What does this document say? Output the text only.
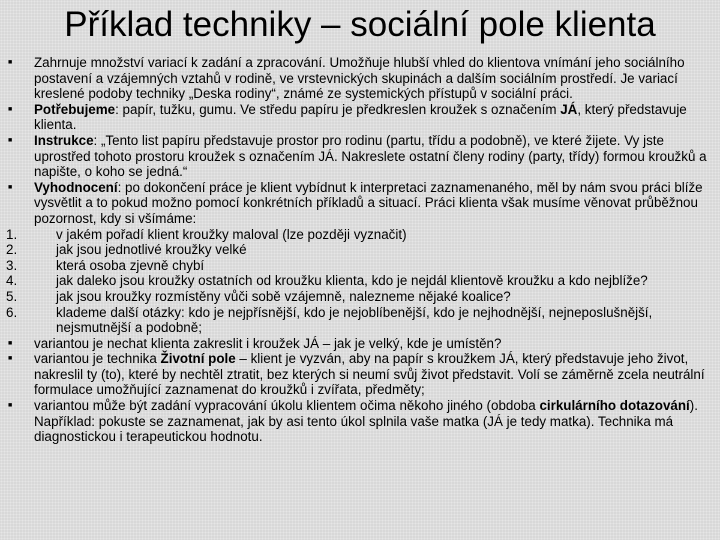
Příklad techniky – sociální pole klienta
■	Zahrnuje množství variací k zadání a zpracování. Umožňuje hlubší vhled do klientova vnímání jeho sociálního postavení a vzájemných vztahů v rodině, ve vrstevnických skupinách a dalším sociálním prostředí. Je variací kreslené podoby techniky „Deska rodiny“, známé ze systemických přístupů v sociální práci.
■	Potřebujeme: papír, tužku, gumu. Ve středu papíru je předkreslen kroužek s označením JÁ, který představuje klienta.
■	Instrukce: „Tento list papíru představuje prostor pro rodinu (partu, třídu a podobně), ve které žijete. Vy jste uprostřed tohoto prostoru kroužek s označením JÁ. Nakreslete ostatní členy rodiny (party, třídy) formou kroužků a napište, o koho se jedná.“
■	Vyhodnocení: po dokončení práce je klient vybídnut k interpretaci zaznamenaného, měl by nám svou práci blíže vysvětlit a to pokud možno pomocí konkrétních příkladů a situací. Práci klienta však musíme věnovat průběžnou pozornost, kdy si všímáme:
1.	v jakém pořadí klient kroužky maloval (lze později vyznačit)
2.	jak jsou jednotlivé kroužky velké
3.	která osoba zjevně chybí
4.	jak daleko jsou kroužky ostatních od kroužku klienta, kdo je nejdál klientově kroužku a kdo nejblíže?
5.	jak jsou kroužky rozmístěny vůči sobě vzájemně, nalezneme nějaké koalice?
6.	klademe další otázky: kdo je nejpřísnější, kdo je nejoblíbenější, kdo je nejhodnější, nejneposlušnější, nejsmutnější a podobně;
■	variantou je nechat klienta zakreslit i kroužek JÁ – jak je velký, kde je umístěn?
■	variantou je technika Životní pole – klient je vyzván, aby na papír s kroužkem JÁ, který představuje jeho život, nakreslil ty (to), které by nechtěl ztratit, bez kterých si neumí svůj život představit. Volí se záměrně zcela neutrální formulace umožňující zaznamenat do kroužků i zvířata, předměty;
■	variantou může být zadání vypracování úkolu klientem očima někoho jiného (obdoba cirkulárního dotazování). Například: pokuste se zaznamenat, jak by asi tento úkol splnila vaše matka (JÁ je tedy matka). Technika má diagnostickou i terapeutickou hodnotu.
